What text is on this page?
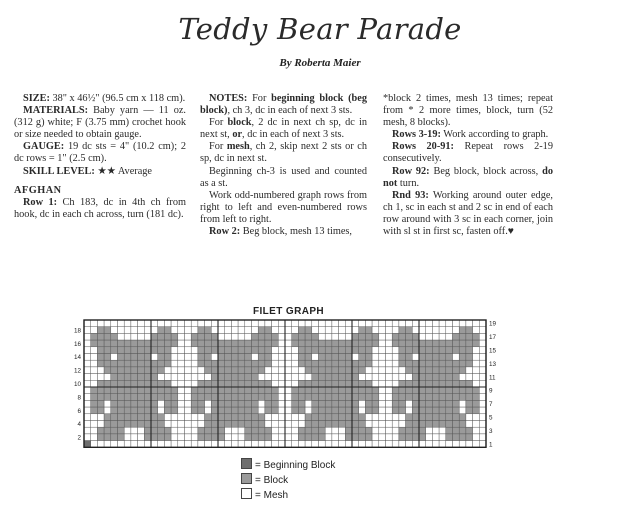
Teddy Bear Parade
By Roberta Maier

SIZE: 38" x 46½" (96.5 cm x 118 cm).

MATERIALS: Baby yarn — 11 oz. (312 g) white; F (3.75 mm) crochet hook or size needed to obtain gauge.

GAUGE: 19 dc sts = 4" (10.2 cm); 2 dc rows = 1" (2.5 cm).

SKILL LEVEL: ★★ Average

AFGHAN

Row 1: Ch 183, dc in 4th ch from hook, dc in each ch across, turn (181 dc).

NOTES: For beginning block (beg block), ch 3, dc in each of next 3 sts.

For block, 2 dc in next ch sp, dc in next st, or, dc in each of next 3 sts.

For mesh, ch 2, skip next 2 sts or ch sp, dc in next st.

Beginning ch-3 is used and counted as a st.

Work odd-numbered graph rows from right to left and even-numbered rows from left to right.

Row 2: Beg block, mesh 13 times,

*block 2 times, mesh 13 times; repeat from * 2 more times, block, turn (52 mesh, 8 blocks).

Rows 3-19: Work according to graph.

Rows 20-91: Repeat rows 2-19 consecutively.

Row 92: Beg block, block across, do not turn.

Rnd 93: Working around outer edge, ch 1, sc in each st and 2 sc in end of each row around with 3 sc in each corner, join with sl st in first sc, fasten off.♥

FILET GRAPH
18
16
14
12
10
8
6
4
2
19
17
15
13
11
9
7
5
3
1
= Beginning Block
= Block
= Mesh
